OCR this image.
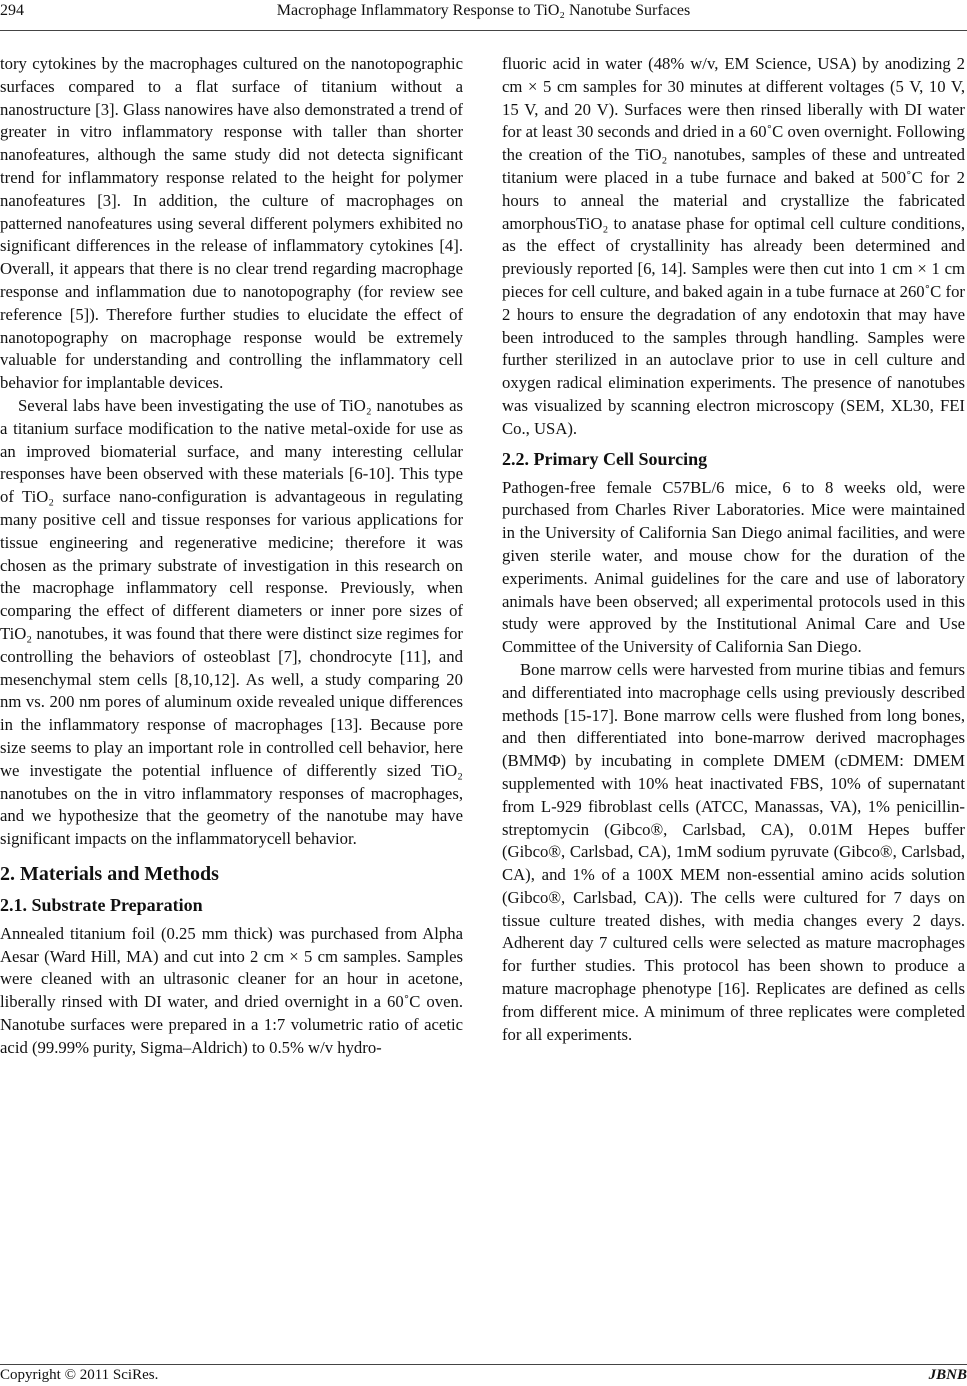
294	Macrophage Inflammatory Response to TiO₂ Nanotube Surfaces

tory cytokines by the macrophages cultured on the nanotopographic surfaces compared to a flat surface of titanium without a nanostructure [3]. Glass nanowires have also demonstrated a trend of greater in vitro inflammatory response with taller than shorter nanofeatures, although the same study did not detecta significant trend for inflammatory response related to the height for polymer nanofeatures [3]. In addition, the culture of macrophages on patterned nanofeatures using several different polymers exhibited no significant differences in the release of inflammatory cytokines [4]. Overall, it appears that there is no clear trend regarding macrophage response and inflammation due to nanotopography (for review see reference [5]). Therefore further studies to elucidate the effect of nanotopography on macrophage response would be extremely valuable for understanding and controlling the inflammatory cell behavior for implantable devices.

Several labs have been investigating the use of TiO₂ nanotubes as a titanium surface modification to the native metal-oxide for use as an improved biomaterial surface, and many interesting cellular responses have been observed with these materials [6-10]. This type of TiO₂ surface nano-configuration is advantageous in regulating many positive cell and tissue responses for various applications for tissue engineering and regenerative medicine; therefore it was chosen as the primary substrate of investigation in this research on the macrophage inflammatory cell response. Previously, when comparing the effect of different diameters or inner pore sizes of TiO₂ nanotubes, it was found that there were distinct size regimes for controlling the behaviors of osteoblast [7], chondrocyte [11], and mesenchymal stem cells [8,10,12]. As well, a study comparing 20 nm vs. 200 nm pores of aluminum oxide revealed unique differences in the inflammatory response of macrophages [13]. Because pore size seems to play an important role in controlled cell behavior, here we investigate the potential influence of differently sized TiO₂ nanotubes on the in vitro inflammatory responses of macrophages, and we hypothesize that the geometry of the nanotube may have significant impacts on the inflammatorycell behavior.

2. Materials and Methods
2.1. Substrate Preparation

Annealed titanium foil (0.25 mm thick) was purchased from Alpha Aesar (Ward Hill, MA) and cut into 2 cm × 5 cm samples. Samples were cleaned with an ultrasonic cleaner for an hour in acetone, liberally rinsed with DI water, and dried overnight in a 60˚C oven. Nanotube surfaces were prepared in a 1:7 volumetric ratio of acetic acid (99.99% purity, Sigma–Aldrich) to 0.5% w/v hydro-

fluoric acid in water (48% w/v, EM Science, USA) by anodizing 2 cm × 5 cm samples for 30 minutes at different voltages (5 V, 10 V, 15 V, and 20 V). Surfaces were then rinsed liberally with DI water for at least 30 seconds and dried in a 60˚C oven overnight. Following the creation of the TiO₂ nanotubes, samples of these and untreated titanium were placed in a tube furnace and baked at 500˚C for 2 hours to anneal the material and crystallize the fabricated amorphousTiO₂ to anatase phase for optimal cell culture conditions, as the effect of crystallinity has already been determined and previously reported [6, 14]. Samples were then cut into 1 cm × 1 cm pieces for cell culture, and baked again in a tube furnace at 260˚C for 2 hours to ensure the degradation of any endotoxin that may have been introduced to the samples through handling. Samples were further sterilized in an autoclave prior to use in cell culture and oxygen radical elimination experiments. The presence of nanotubes was visualized by scanning electron microscopy (SEM, XL30, FEI Co., USA).

2.2. Primary Cell Sourcing

Pathogen-free female C57BL/6 mice, 6 to 8 weeks old, were purchased from Charles River Laboratories. Mice were maintained in the University of California San Diego animal facilities, and were given sterile water, and mouse chow for the duration of the experiments. Animal guidelines for the care and use of laboratory animals have been observed; all experimental protocols used in this study were approved by the Institutional Animal Care and Use Committee of the University of California San Diego.

Bone marrow cells were harvested from murine tibias and femurs and differentiated into macrophage cells using previously described methods [15-17]. Bone marrow cells were flushed from long bones, and then differentiated into bone-marrow derived macrophages (BMMΦ) by incubating in complete DMEM (cDMEM: DMEM supplemented with 10% heat inactivated FBS, 10% of supernatant from L-929 fibroblast cells (ATCC, Manassas, VA), 1% penicillin-streptomycin (Gibco®, Carlsbad, CA), 0.01M Hepes buffer (Gibco®, Carlsbad, CA), 1mM sodium pyruvate (Gibco®, Carlsbad, CA), and 1% of a 100X MEM non-essential amino acids solution (Gibco®, Carlsbad, CA)). The cells were cultured for 7 days on tissue culture treated dishes, with media changes every 2 days. Adherent day 7 cultured cells were selected as mature macrophages for further studies. This protocol has been shown to produce a mature macrophage phenotype [16]. Replicates are defined as cells from different mice. A minimum of three replicates were completed for all experiments.

Copyright © 2011 SciRes.	JBNB
